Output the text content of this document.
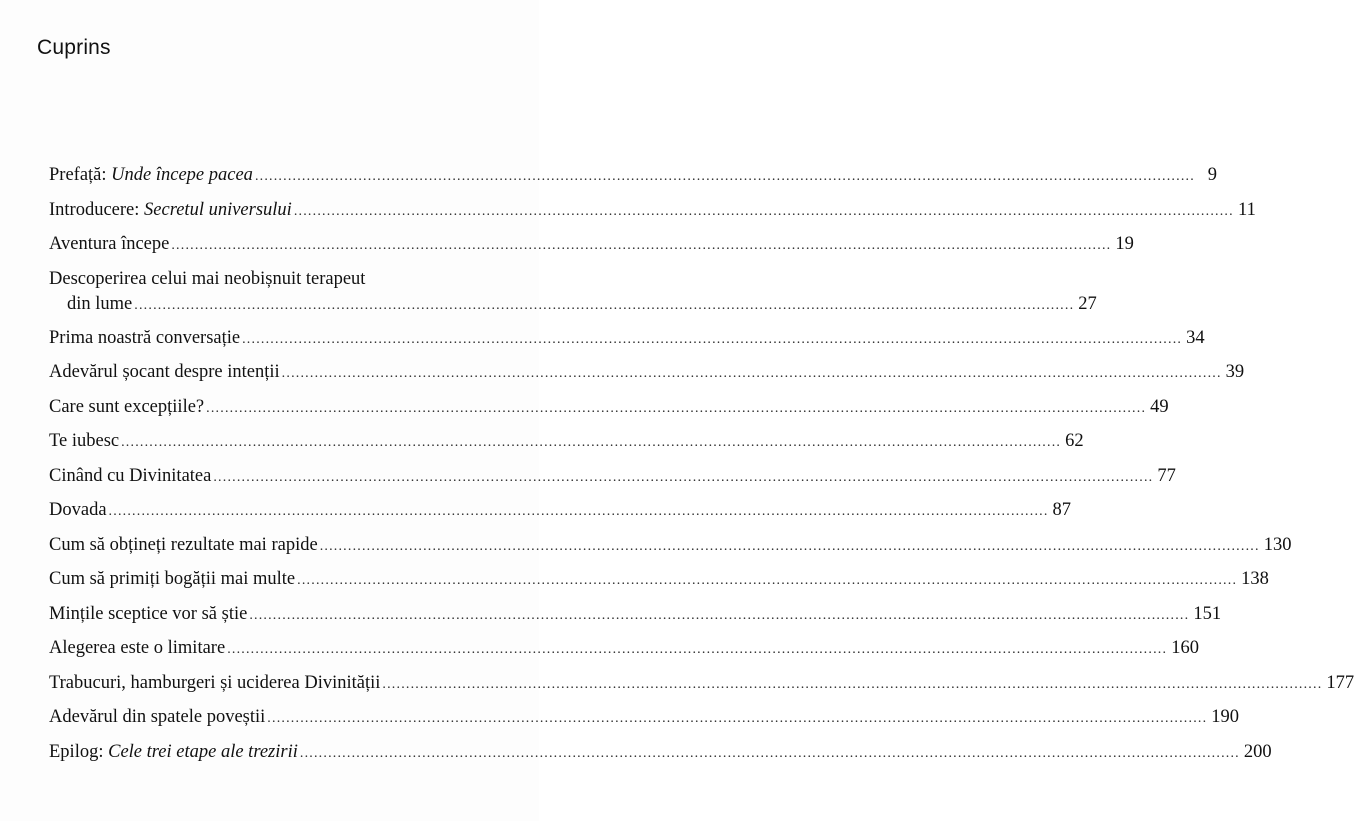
Cuprins
Prefață: Unde începe pacea ........................................................................................................................................................................................................ 9
Introducere: Secretul universului ........................................................................................................................................................................................................ 11
Aventura începe ........................................................................................................................................................................................................ 19
Descoperirea celui mai neobișnuit terapeut
din lume ........................................................................................................................................................................................................ 27
Prima noastră conversație ........................................................................................................................................................................................................ 34
Adevărul șocant despre intenții ........................................................................................................................................................................................................ 39
Care sunt excepțiile? ........................................................................................................................................................................................................ 49
Te iubesc ........................................................................................................................................................................................................ 62
Cinând cu Divinitatea ........................................................................................................................................................................................................ 77
Dovada ........................................................................................................................................................................................................ 87
Cum să obțineți rezultate mai rapide ........................................................................................................................................................................................................ 130
Cum să primiți bogății mai multe ........................................................................................................................................................................................................ 138
Mințile sceptice vor să știe ........................................................................................................................................................................................................ 151
Alegerea este o limitare ........................................................................................................................................................................................................ 160
Trabucuri, hamburgeri și uciderea Divinității ........................................................................................................................................................................................................ 177
Adevărul din spatele poveștii ........................................................................................................................................................................................................ 190
Epilog: Cele trei etape ale trezirii ........................................................................................................................................................................................................ 200
